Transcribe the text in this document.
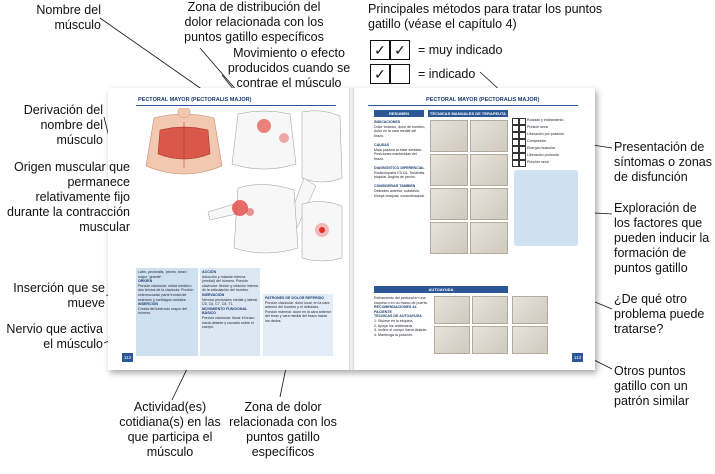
PECTORAL MAYOR (PECTORALIS MAJOR)
Latín, pectoralis, 'pecho, tórax'; major, 'grande'.
ORIGEN
Porción clavicular: mitad medial o dos tercios de la clavícula. Porción esternocostal: parte frontal del esternón y cartílagos costales.
INSERCIÓN
Cresta del tubérculo mayor del húmero.
ACCIÓN
Aducción y rotación interna (medial) del húmero. Porción clavicular: flexión y rotación interna de la articulación del hombro.
INERVACIÓN
Nervios pectorales medial y lateral. C5, C6, C7, C8, T1.
MOVIMIENTO FUNCIONAL BÁSICO
Porción clavicular: llevar el brazo hacia delante y cruzarlo sobre el cuerpo.
PATRONES DE DOLOR REFERIDO
Porción clavicular: dolor local, en la cara anterior del hombro y el deltoides. Porción esternal: dolor en la cara anterior del tórax y cara medial del brazo hasta los dedos.
112
PECTORAL MAYOR (PECTORALIS MAJOR)
RESUMEN	TÉCNICAS MANUALES DE TERAPEUTA
INDICACIONES
Dolor torácico, dolor de hombro, dolor en la cara medial del brazo.

CAUSAS
Mala postura al estar sentado. Posiciones mantenidas del brazo.

DIAGNÓSTICO DIFERENCIAL
Radiculopatía C5-C6. Tendinitis bicipital. Angina de pecho.

CONSIDERAR TAMBIÉN
Deltoides anterior, subclavio, bíceps braquial, coracobraquial.
Rociado y estiramiento
Presión seca
Liberación por posición
Compresión
Energía muscular
Liberación profunda
Punción seca
AUTOAYUDA
Estiramiento del pectoral en una esquina o en un marco de puerta.
RECOMENDACIONES AL PACIENTE
TÉCNICAS DE AUTOAYUDA
1. Sitúese en la esquina.
2. Apoye los antebrazos.
3. Incline el cuerpo hacia delante.
4. Mantenga la posición.
113
Principales métodos para tratar los puntos gatillo (véase el capítulo 4)
✓ ✓ = muy indicado
✓	= indicado
Nombre del músculo
Zona de distribución del dolor relacionada con los puntos gatillo específicos
Movimiento o efecto producidos cuando se contrae el músculo
Derivación del nombre del músculo
Origen muscular que permanece relativamente fijo durante la contracción muscular
Inserción que se mueve
Nervio que activa el músculo
Actividad(es) cotidiana(s) en las que participa el músculo
Zona de dolor relacionada con los puntos gatillo específicos
Presentación de síntomas o zonas de disfunción
Exploración de los factores que pueden inducir la formación de puntos gatillo
¿De qué otro problema puede tratarse?
Otros puntos gatillo con un patrón similar
